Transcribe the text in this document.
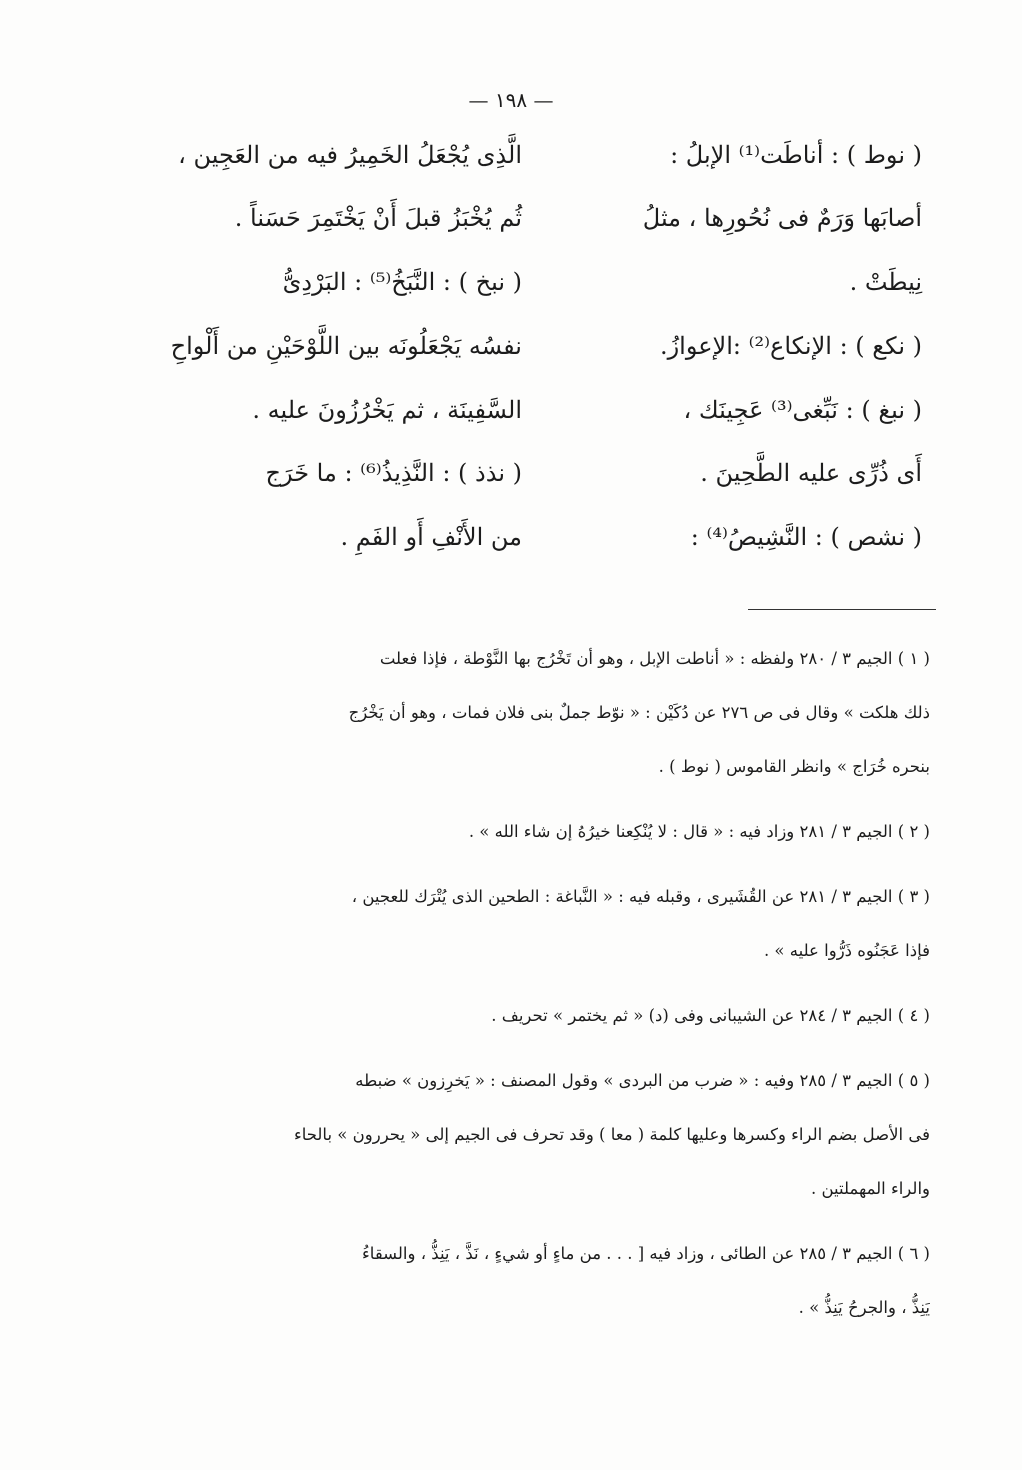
— ١٩٨ —
( نوط ) : أناطَت⁽¹⁾ الإبلُ :
أصابَها وَرَمٌ فى نُحُورِها ، مثلُ
نِيطَتْ .
( نكع ) : الإنكاع⁽²⁾ :الإعوازُ.
( نبغ ) : نَبِّغى⁽³⁾ عَجِينَك ،
أَى ذُرِّى عليه الطَّحِينَ .
( نشص ) : النَّشِيصُ⁽⁴⁾ :
الَّذِى يُجْعَلُ الخَمِيرُ فيه من العَجِين ،
ثُم يُخْبَزُ قبلَ أَنْ يَخْتَمِرَ حَسَناً .
( نبخ ) : النَّبَخُ⁽⁵⁾ : البَرْدِىُّ
نفسُه يَجْعَلُونَه بين اللَّوْحَيْنِ من أَلْواحِ
السَّفِينَة ، ثم يَخْرُزُونَ عليه .
( نذذ ) : النَّذِيذُ⁽⁶⁾ : ما خَرَج
من الأَنْفِ أَو الفَمِ .
( ١ ) الجيم ٣ / ٢٨٠ ولفظه : « أناطت الإبل ، وهو أن تَخْرُج بها النَّوْطة ، فإذا فعلت
ذلك هلكت » وقال فى ص ٢٧٦ عن دُكَيْن : « نوّط جملٌ بنى فلان فمات ، وهو أن يَخْرُج
بنحره خُرَاج » وانظر القاموس ( نوط ) .
( ٢ ) الجيم ٣ / ٢٨١ وزاد فيه : « قال : لا يُنْكِعنا خيرُهُ إن شاء الله » .
( ٣ ) الجيم ٣ / ٢٨١ عن القُشَيرى ، وقبله فيه : « النَّباغة : الطحين الذى يُتْرَك للعجين ،
فإذا عَجَنُوه ذَرُّوا عليه » .
( ٤ ) الجيم ٣ / ٢٨٤ عن الشيبانى وفى (د) « ثم يختمر » تحريف .
( ٥ ) الجيم ٣ / ٢٨٥ وفيه : « ضرب من البردى » وقول المصنف : « يَخرِزون » ضبطه
فى الأصل بضم الراء وكسرها وعليها كلمة ( معا ) وقد تحرف فى الجيم إلى « يحررون » بالحاء
والراء المهملتين .
( ٦ ) الجيم ٣ / ٢٨٥ عن الطائى ، وزاد فيه [ . . . من ماءٍ أو شيءٍ ، نَذَّ ، يَنِذُّ ، والسقاءُ
يَنِذُّ ، والجرحُ يَنِذُّ » .
